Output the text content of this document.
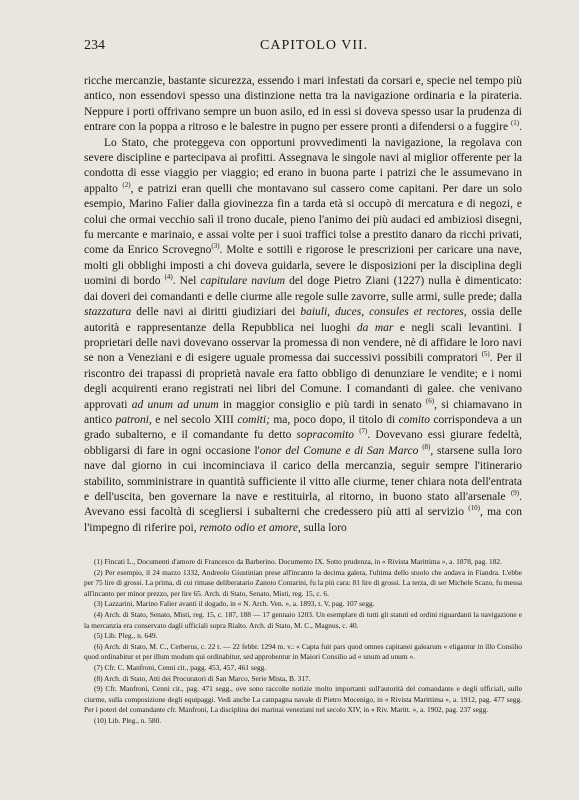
234	CAPITOLO VII.

ricche mercanzie, bastante sicurezza, essendo i mari infestati da corsari e, specie nel tempo più antico, non essendovi spesso una distinzione netta tra la navigazione ordinaria e la pirateria. Neppure i porti offrivano sempre un buon asilo, ed in essi si doveva spesso usar la prudenza di entrare con la poppa a ritroso e le balestre in pugno per essere pronti a difendersi o a fuggire $^{(1)}$.

Lo Stato, che proteggeva con opportuni provvedimenti la navigazione, la regolava con severe discipline e partecipava ai profitti. Assegnava le singole navi al miglior offerente per la condotta di esse viaggio per viaggio; ed erano in buona parte i patrizi che le assumevano in appalto $^{(2)}$, e patrizi eran quelli che montavano sul cassero come capitani. Per dare un solo esempio, Marino Falier dalla giovinezza fin a tarda età si occupò di mercatura e di negozi, e colui che ormai vecchio salì il trono ducale, pieno l'animo dei più audaci ed ambiziosi disegni, fu mercante e marinaio, e assai volte per i suoi traffici tolse a prestito danaro da ricchi privati, come da Enrico Scrovegno$^{(3)}$. Molte e sottili e rigorose le prescrizioni per caricare una nave, molti gli obblighi imposti a chi doveva guidarla, severe le disposizioni per la disciplina degli uomini di bordo $^{(4)}$. Nel capitulare navium del doge Pietro Ziani (1227) nulla è dimenticato: dai doveri dei comandanti e delle ciurme alle regole sulle zavorre, sulle armi, sulle prede; dalla stazzatura delle navi ai diritti giudiziari dei baiuli, duces, consules et rectores, ossia delle autorità e rappresentanze della Repubblica nei luoghi da mar e negli scali levantini. I proprietari delle navi dovevano osservar la promessa di non vendere, nè di affidare le loro navi se non a Veneziani e di esigere uguale promessa dai successivi possibili compratori $^{(5)}$. Per il riscontro dei trapassi di proprietà navale era fatto obbligo di denunziare le vendite; e i nomi degli acquirenti erano registrati nei libri del Comune. I comandanti di galee. che venivano approvati ad unum ad unum in maggior consiglio e più tardi in senato $^{(6)}$, si chiamavano in antico patroni, e nel secolo XIII comiti; ma, poco dopo, il titolo di comito corrispondeva a un grado subalterno, e il comandante fu detto sopracomito $^{(7)}$. Dovevano essi giurare fedeltà, obbligarsi di fare in ogni occasione l'onor del Comune e di San Marco $^{(8)}$, starsene sulla loro nave dal giorno in cui incominciava il carico della mercanzia, seguir sempre l'itinerario stabilito, somministrare in quantità sufficiente il vitto alle ciurme, tener chiara nota dell'entrata e dell'uscita, ben governare la nave e restituirla, al ritorno, in buono stato all'arsenale $^{(9)}$. Avevano essi facoltà di scegliersi i subalterni che credessero più atti al servizio $^{(10)}$, ma con l'impegno di riferire poi, remoto odio et amore, sulla loro

(1) Fincati L., Documenti d'amore di Francesco da Barberino. Documento IX. Sotto prudenza, in « Rivista Marittima », a. 1878, pag. 182.

(2) Per esempio, il 24 marzo 1332, Andreolo Giustinian prese all'incanto la decima galera, l'ultima dello stuolo che andava in Fiandra. L'ebbe per 75 lire di grossi. La prima, di cui rimase deliberatario Zanoto Contarini, fu la più cara: 81 lire di grossi. La terza, di ser Michele Scazo, fu messa all'incanto per minor prezzo, per lire 65. Arch. di Stato, Senato, Misti, reg. 15, c. 6.

(3) Lazzarini, Marino Falier avanti il dogado, in « N. Arch. Ven. », a. 1893, t. V, pag. 107 segg.

(4) Arch. di Stato, Senato, Misti, reg. 15, c. 187, 188 — 17 gennaio 1203. Un esemplare di tutti gli statuti ed ordini riguardanti la navigazione e la mercanzia era conservato dagli ufficiali sopra Rialto. Arch. di Stato, M. C., Magnus, c. 40.

(5) Lib. Pleg., n. 649.

(6) Arch. di Stato, M. C., Cerberus, c. 22 t. — 22 febbr. 1294 m. v.: « Capta fuit pars quod omnes capitanei galearum « eligantur in illo Consilio quod ordinabitur et per illum modum qui ordinabitur, sed approbentur in Maiori Consilio ad « unum ad unum ».

(7) Cfr. C. Manfroni, Cenni cit., pagg. 453, 457, 461 segg.

(8) Arch. di Stato, Atti dei Procuratori di San Marco, Serie Mista, B. 317.

(9) Cfr. Manfroni, Cenni cit., pag. 471 segg., ove sono raccolte notizie molto importanti sull'autorità del comandante e degli ufficiali, sulle ciurme, sulla composizione degli equipaggi. Vedi anche La campagna navale di Pietro Mocenigo, in « Rivista Marittima », a. 1912, pag. 477 segg. Per i poteri del comandante cfr. Manfroni, La disciplina dei marinai veneziani nel secolo XIV, in « Riv. Maritt. », a. 1902, pag. 237 segg.

(10) Lib. Pleg., n. 580.
